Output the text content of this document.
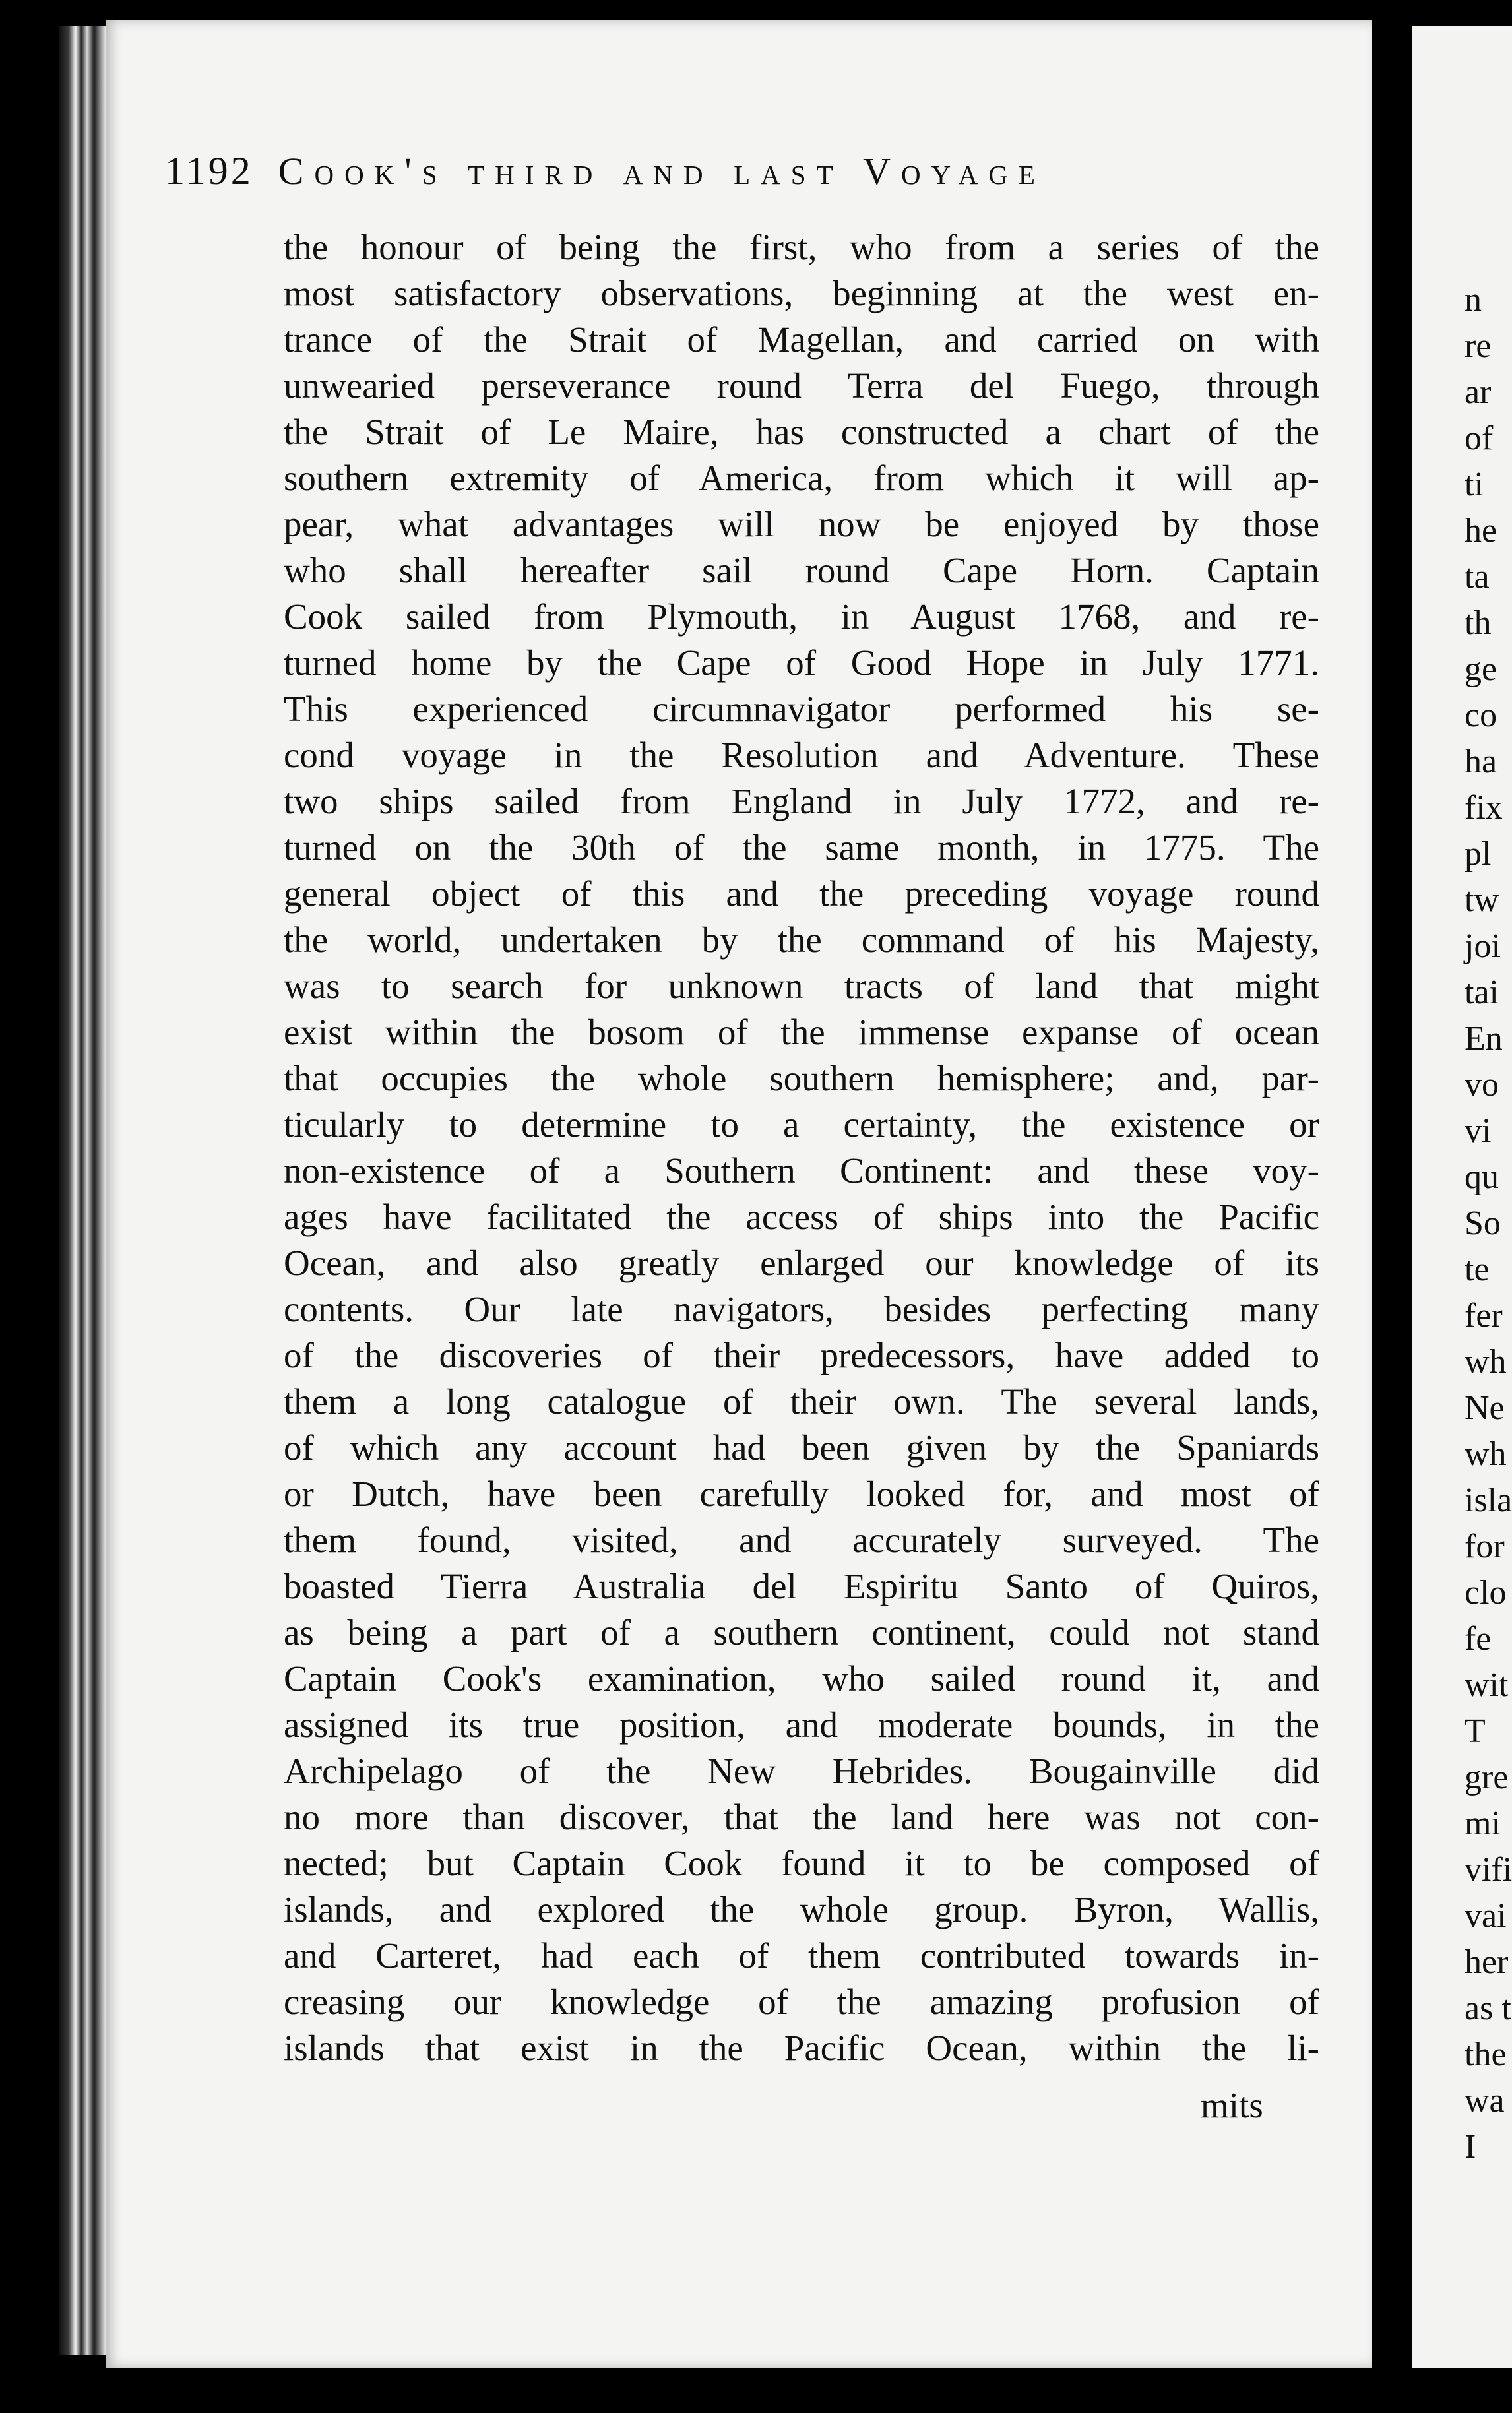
1192 Cook's third and last Voyage
the honour of being the first, who from a series of the
most satisfactory observations, beginning at the west en-
trance of the Strait of Magellan, and carried on with
unwearied perseverance round Terra del Fuego, through
the Strait of Le Maire, has constructed a chart of the
southern extremity of America, from which it will ap-
pear, what advantages will now be enjoyed by those
who shall hereafter sail round Cape Horn. Captain
Cook sailed from Plymouth, in August 1768, and re-
turned home by the Cape of Good Hope in July 1771.
This experienced circumnavigator performed his se-
cond voyage in the Resolution and Adventure. These
two ships sailed from England in July 1772, and re-
turned on the 30th of the same month, in 1775. The
general object of this and the preceding voyage round
the world, undertaken by the command of his Majesty,
was to search for unknown tracts of land that might
exist within the bosom of the immense expanse of ocean
that occupies the whole southern hemisphere; and, par-
ticularly to determine to a certainty, the existence or
non-existence of a Southern Continent: and these voy-
ages have facilitated the access of ships into the Pacific
Ocean, and also greatly enlarged our knowledge of its
contents. Our late navigators, besides perfecting many
of the discoveries of their predecessors, have added to
them a long catalogue of their own. The several lands,
of which any account had been given by the Spaniards
or Dutch, have been carefully looked for, and most of
them found, visited, and accurately surveyed. The
boasted Tierra Australia del Espiritu Santo of Quiros,
as being a part of a southern continent, could not stand
Captain Cook's examination, who sailed round it, and
assigned its true position, and moderate bounds, in the
Archipelago of the New Hebrides. Bougainville did
no more than discover, that the land here was not con-
nected; but Captain Cook found it to be composed of
islands, and explored the whole group. Byron, Wallis,
and Carteret, had each of them contributed towards in-
creasing our knowledge of the amazing profusion of
islands that exist in the Pacific Ocean, within the li-
mits
n
re
ar
of
ti
he
ta
th
ge
co
ha
fix
pl
tw
joi
tai
En
vo
vi
qu
So
te
fer
wh
Ne
wh
isla
for
clo
fe
wit
T
gre
mi
vifi
vai
her
as t
the
wa
I
